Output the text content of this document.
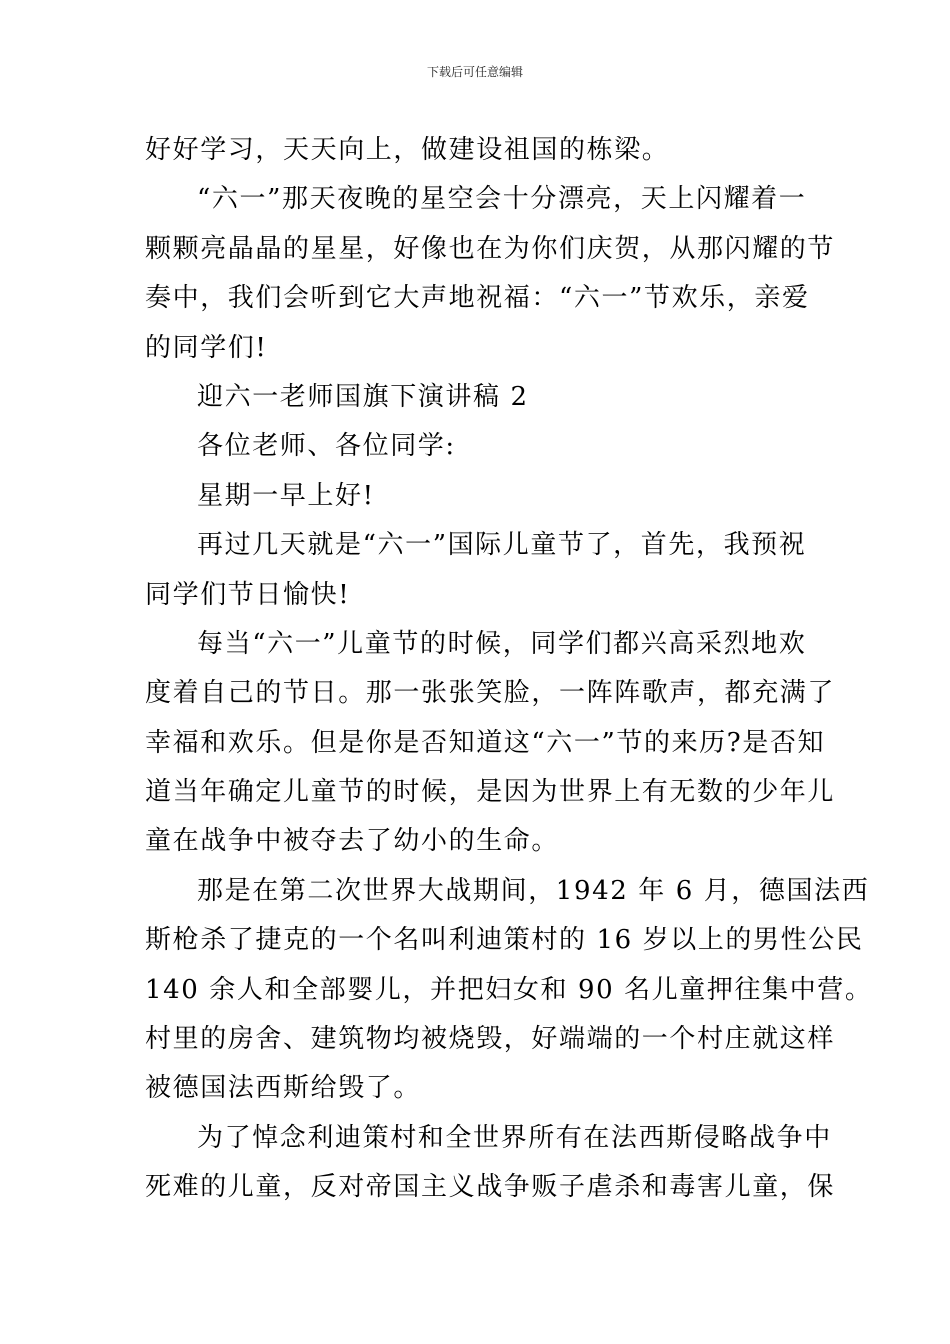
下载后可任意编辑
好好学习，天天向上，做建设祖国的栋梁。
“六一”那天夜晚的星空会十分漂亮，天上闪耀着一
颗颗亮晶晶的星星，好像也在为你们庆贺，从那闪耀的节
奏中，我们会听到它大声地祝福：“六一”节欢乐，亲爱
的同学们!
迎六一老师国旗下演讲稿 2
各位老师、各位同学:
星期一早上好!
再过几天就是“六一”国际儿童节了，首先，我预祝
同学们节日愉快!
每当“六一”儿童节的时候，同学们都兴高采烈地欢
度着自己的节日。那一张张笑脸，一阵阵歌声，都充满了
幸福和欢乐。但是你是否知道这“六一”节的来历?是否知
道当年确定儿童节的时候，是因为世界上有无数的少年儿
童在战争中被夺去了幼小的生命。
那是在第二次世界大战期间，1942 年 6 月，德国法西
斯枪杀了捷克的一个名叫利迪策村的 16 岁以上的男性公民
140 余人和全部婴儿，并把妇女和 90 名儿童押往集中营。
村里的房舍、建筑物均被烧毁，好端端的一个村庄就这样
被德国法西斯给毁了。
为了悼念利迪策村和全世界所有在法西斯侵略战争中
死难的儿童，反对帝国主义战争贩子虐杀和毒害儿童，保
